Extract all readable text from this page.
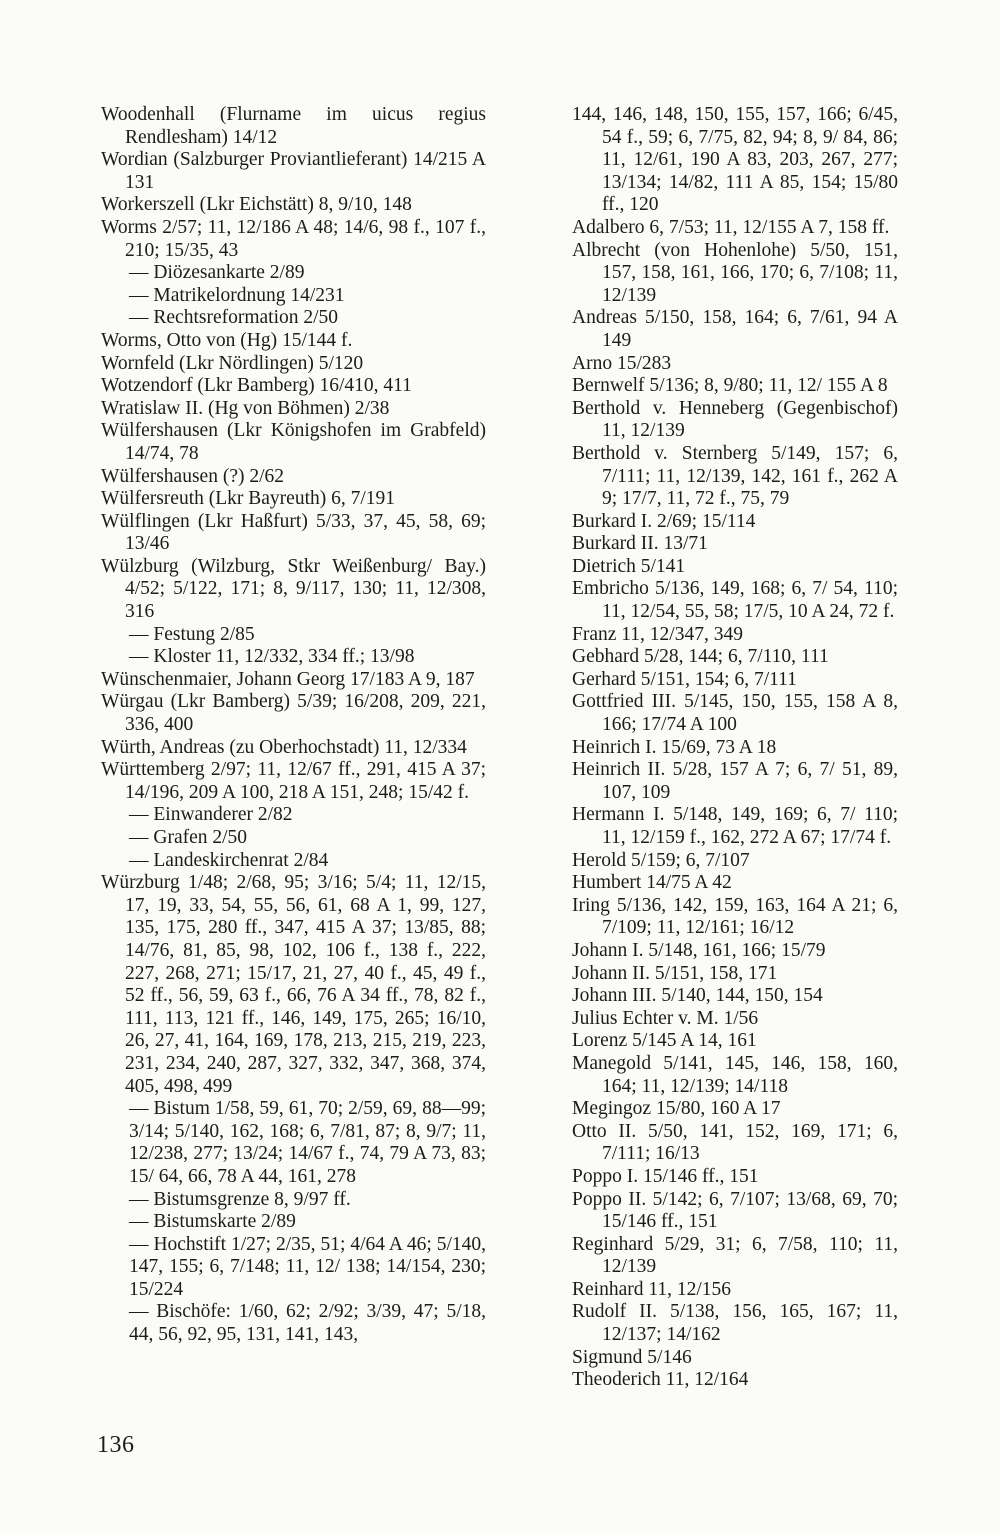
Woodenhall (Flurname im uicus regius Rendlesham) 14/12

Wordian (Salzburger Proviantlieferant) 14/215 A 131

Workerszell (Lkr Eichstätt) 8, 9/10, 148

Worms 2/57; 11, 12/186 A 48; 14/6, 98 f., 107 f., 210; 15/35, 43

— Diözesankarte 2/89

— Matrikelordnung 14/231

— Rechtsreformation 2/50

Worms, Otto von (Hg) 15/144 f.

Wornfeld (Lkr Nördlingen) 5/120

Wotzendorf (Lkr Bamberg) 16/410, 411

Wratislaw II. (Hg von Böhmen) 2/38

Wülfershausen (Lkr Königshofen im Grabfeld) 14/74, 78

Wülfershausen (?) 2/62

Wülfersreuth (Lkr Bayreuth) 6, 7/191

Wülflingen (Lkr Haßfurt) 5/33, 37, 45, 58, 69; 13/46

Wülzburg (Wilzburg, Stkr Weißenburg/ Bay.) 4/52; 5/122, 171; 8, 9/117, 130; 11, 12/308, 316

— Festung 2/85

— Kloster 11, 12/332, 334 ff.; 13/98

Wünschenmaier, Johann Georg 17/183 A 9, 187

Würgau (Lkr Bamberg) 5/39; 16/208, 209, 221, 336, 400

Würth, Andreas (zu Oberhochstadt) 11, 12/334

Württemberg 2/97; 11, 12/67 ff., 291, 415 A 37; 14/196, 209 A 100, 218 A 151, 248; 15/42 f.

— Einwanderer 2/82

— Grafen 2/50

— Landeskirchenrat 2/84

Würzburg 1/48; 2/68, 95; 3/16; 5/4; 11, 12/15, 17, 19, 33, 54, 55, 56, 61, 68 A 1, 99, 127, 135, 175, 280 ff., 347, 415 A 37; 13/85, 88; 14/76, 81, 85, 98, 102, 106 f., 138 f., 222, 227, 268, 271; 15/17, 21, 27, 40 f., 45, 49 f., 52 ff., 56, 59, 63 f., 66, 76 A 34 ff., 78, 82 f., 111, 113, 121 ff., 146, 149, 175, 265; 16/10, 26, 27, 41, 164, 169, 178, 213, 215, 219, 223, 231, 234, 240, 287, 327, 332, 347, 368, 374, 405, 498, 499

— Bistum 1/58, 59, 61, 70; 2/59, 69, 88—99; 3/14; 5/140, 162, 168; 6, 7/81, 87; 8, 9/7; 11, 12/238, 277; 13/24; 14/67 f., 74, 79 A 73, 83; 15/ 64, 66, 78 A 44, 161, 278

— Bistumsgrenze 8, 9/97 ff.

— Bistumskarte 2/89

— Hochstift 1/27; 2/35, 51; 4/64 A 46; 5/140, 147, 155; 6, 7/148; 11, 12/ 138; 14/154, 230; 15/224

— Bischöfe: 1/60, 62; 2/92; 3/39, 47; 5/18, 44, 56, 92, 95, 131, 141, 143,

144, 146, 148, 150, 155, 157, 166; 6/45, 54 f., 59; 6, 7/75, 82, 94; 8, 9/ 84, 86; 11, 12/61, 190 A 83, 203, 267, 277; 13/134; 14/82, 111 A 85, 154; 15/80 ff., 120

Adalbero 6, 7/53; 11, 12/155 A 7, 158 ff.

Albrecht (von Hohenlohe) 5/50, 151, 157, 158, 161, 166, 170; 6, 7/108; 11, 12/139

Andreas 5/150, 158, 164; 6, 7/61, 94 A 149

Arno 15/283

Bernwelf 5/136; 8, 9/80; 11, 12/ 155 A 8

Berthold v. Henneberg (Gegenbischof) 11, 12/139

Berthold v. Sternberg 5/149, 157; 6, 7/111; 11, 12/139, 142, 161 f., 262 A 9; 17/7, 11, 72 f., 75, 79

Burkard I. 2/69; 15/114

Burkard II. 13/71

Dietrich 5/141

Embricho 5/136, 149, 168; 6, 7/ 54, 110; 11, 12/54, 55, 58; 17/5, 10 A 24, 72 f.

Franz 11, 12/347, 349

Gebhard 5/28, 144; 6, 7/110, 111

Gerhard 5/151, 154; 6, 7/111

Gottfried III. 5/145, 150, 155, 158 A 8, 166; 17/74 A 100

Heinrich I. 15/69, 73 A 18

Heinrich II. 5/28, 157 A 7; 6, 7/ 51, 89, 107, 109

Hermann I. 5/148, 149, 169; 6, 7/ 110; 11, 12/159 f., 162, 272 A 67; 17/74 f.

Herold 5/159; 6, 7/107

Humbert 14/75 A 42

Iring 5/136, 142, 159, 163, 164 A 21; 6, 7/109; 11, 12/161; 16/12

Johann I. 5/148, 161, 166; 15/79

Johann II. 5/151, 158, 171

Johann III. 5/140, 144, 150, 154

Julius Echter v. M. 1/56

Lorenz 5/145 A 14, 161

Manegold 5/141, 145, 146, 158, 160, 164; 11, 12/139; 14/118

Megingoz 15/80, 160 A 17

Otto II. 5/50, 141, 152, 169, 171; 6, 7/111; 16/13

Poppo I. 15/146 ff., 151

Poppo II. 5/142; 6, 7/107; 13/68, 69, 70; 15/146 ff., 151

Reginhard 5/29, 31; 6, 7/58, 110; 11, 12/139

Reinhard 11, 12/156

Rudolf II. 5/138, 156, 165, 167; 11, 12/137; 14/162

Sigmund 5/146

Theoderich 11, 12/164

136
